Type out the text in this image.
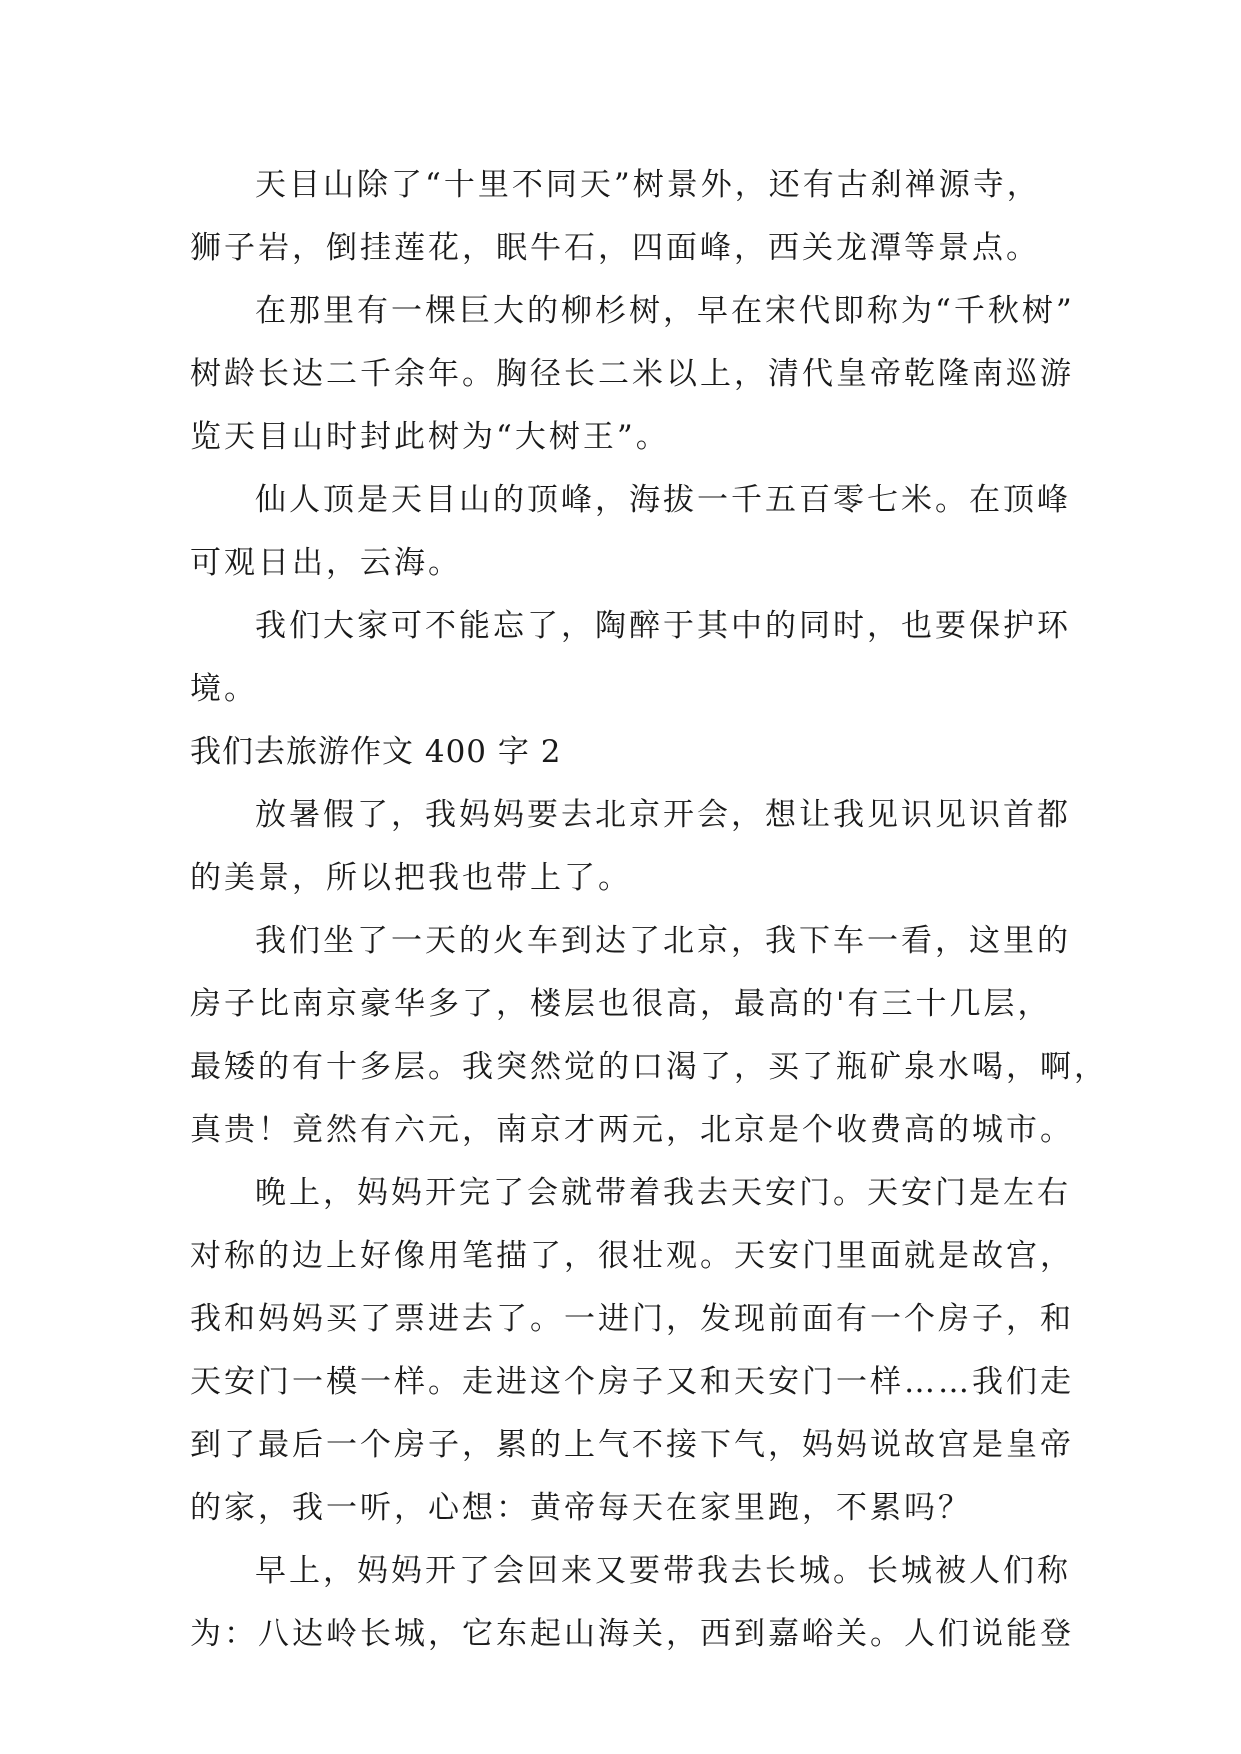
天目山除了“十里不同天”树景外，还有古刹禅源寺，
狮子岩，倒挂莲花，眠牛石，四面峰，西关龙潭等景点。
在那里有一棵巨大的柳杉树，早在宋代即称为“千秋树”
树龄长达二千余年。胸径长二米以上，清代皇帝乾隆南巡游
览天目山时封此树为“大树王”。
仙人顶是天目山的顶峰，海拔一千五百零七米。在顶峰
可观日出，云海。
我们大家可不能忘了，陶醉于其中的同时，也要保护环
境。
我们去旅游作文 400 字 2
放暑假了，我妈妈要去北京开会，想让我见识见识首都
的美景，所以把我也带上了。
我们坐了一天的火车到达了北京，我下车一看，这里的
房子比南京豪华多了，楼层也很高，最高的'有三十几层，
最矮的有十多层。我突然觉的口渴了，买了瓶矿泉水喝，啊，
真贵！竟然有六元，南京才两元，北京是个收费高的城市。
晚上，妈妈开完了会就带着我去天安门。天安门是左右
对称的边上好像用笔描了，很壮观。天安门里面就是故宫，
我和妈妈买了票进去了。一进门，发现前面有一个房子，和
天安门一模一样。走进这个房子又和天安门一样……我们走
到了最后一个房子，累的上气不接下气，妈妈说故宫是皇帝
的家，我一听，心想：黄帝每天在家里跑，不累吗？
早上，妈妈开了会回来又要带我去长城。长城被人们称
为：八达岭长城，它东起山海关，西到嘉峪关。人们说能登
